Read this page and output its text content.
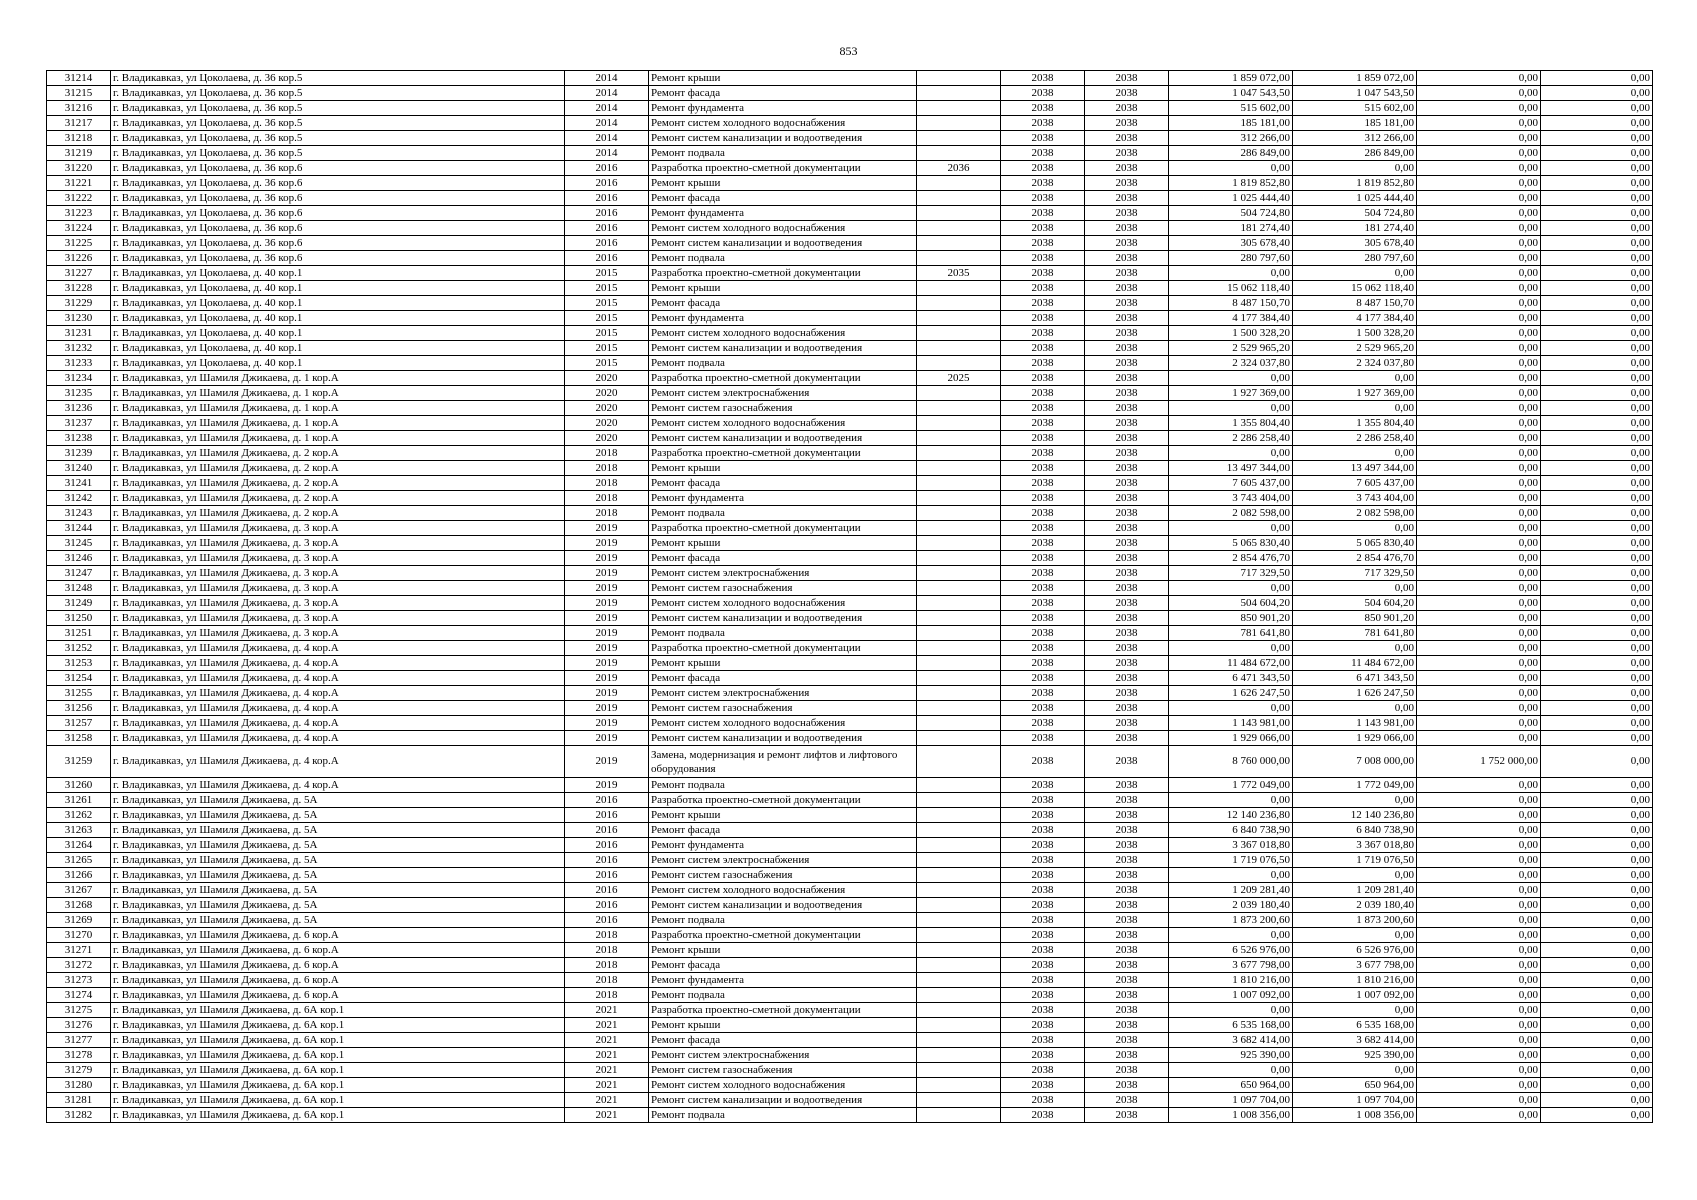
853
31214	г. Владикавказ, ул Цоколаева, д. 36 кор.5	2014	Ремонт крыши		2038	2038	1 859 072,00	1 859 072,00	0,00	0,00
31215	г. Владикавказ, ул Цоколаева, д. 36 кор.5	2014	Ремонт фасада		2038	2038	1 047 543,50	1 047 543,50	0,00	0,00
31216	г. Владикавказ, ул Цоколаева, д. 36 кор.5	2014	Ремонт фундамента		2038	2038	515 602,00	515 602,00	0,00	0,00
31217	г. Владикавказ, ул Цоколаева, д. 36 кор.5	2014	Ремонт систем холодного водоснабжения		2038	2038	185 181,00	185 181,00	0,00	0,00
31218	г. Владикавказ, ул Цоколаева, д. 36 кор.5	2014	Ремонт систем канализации и водоотведения		2038	2038	312 266,00	312 266,00	0,00	0,00
31219	г. Владикавказ, ул Цоколаева, д. 36 кор.5	2014	Ремонт подвала		2038	2038	286 849,00	286 849,00	0,00	0,00
31220	г. Владикавказ, ул Цоколаева, д. 36 кор.6	2016	Разработка проектно-сметной документации	2036	2038	2038	0,00	0,00	0,00	0,00
31221	г. Владикавказ, ул Цоколаева, д. 36 кор.6	2016	Ремонт крыши		2038	2038	1 819 852,80	1 819 852,80	0,00	0,00
31222	г. Владикавказ, ул Цоколаева, д. 36 кор.6	2016	Ремонт фасада		2038	2038	1 025 444,40	1 025 444,40	0,00	0,00
31223	г. Владикавказ, ул Цоколаева, д. 36 кор.6	2016	Ремонт фундамента		2038	2038	504 724,80	504 724,80	0,00	0,00
31224	г. Владикавказ, ул Цоколаева, д. 36 кор.6	2016	Ремонт систем холодного водоснабжения		2038	2038	181 274,40	181 274,40	0,00	0,00
31225	г. Владикавказ, ул Цоколаева, д. 36 кор.6	2016	Ремонт систем канализации и водоотведения		2038	2038	305 678,40	305 678,40	0,00	0,00
31226	г. Владикавказ, ул Цоколаева, д. 36 кор.6	2016	Ремонт подвала		2038	2038	280 797,60	280 797,60	0,00	0,00
31227	г. Владикавказ, ул Цоколаева, д. 40 кор.1	2015	Разработка проектно-сметной документации	2035	2038	2038	0,00	0,00	0,00	0,00
31228	г. Владикавказ, ул Цоколаева, д. 40 кор.1	2015	Ремонт крыши		2038	2038	15 062 118,40	15 062 118,40	0,00	0,00
31229	г. Владикавказ, ул Цоколаева, д. 40 кор.1	2015	Ремонт фасада		2038	2038	8 487 150,70	8 487 150,70	0,00	0,00
31230	г. Владикавказ, ул Цоколаева, д. 40 кор.1	2015	Ремонт фундамента		2038	2038	4 177 384,40	4 177 384,40	0,00	0,00
31231	г. Владикавказ, ул Цоколаева, д. 40 кор.1	2015	Ремонт систем холодного водоснабжения		2038	2038	1 500 328,20	1 500 328,20	0,00	0,00
31232	г. Владикавказ, ул Цоколаева, д. 40 кор.1	2015	Ремонт систем канализации и водоотведения		2038	2038	2 529 965,20	2 529 965,20	0,00	0,00
31233	г. Владикавказ, ул Цоколаева, д. 40 кор.1	2015	Ремонт подвала		2038	2038	2 324 037,80	2 324 037,80	0,00	0,00
31234	г. Владикавказ, ул Шамиля Джикаева, д. 1 кор.А	2020	Разработка проектно-сметной документации	2025	2038	2038	0,00	0,00	0,00	0,00
31235	г. Владикавказ, ул Шамиля Джикаева, д. 1 кор.А	2020	Ремонт систем электроснабжения		2038	2038	1 927 369,00	1 927 369,00	0,00	0,00
31236	г. Владикавказ, ул Шамиля Джикаева, д. 1 кор.А	2020	Ремонт систем газоснабжения		2038	2038	0,00	0,00	0,00	0,00
31237	г. Владикавказ, ул Шамиля Джикаева, д. 1 кор.А	2020	Ремонт систем холодного водоснабжения		2038	2038	1 355 804,40	1 355 804,40	0,00	0,00
31238	г. Владикавказ, ул Шамиля Джикаева, д. 1 кор.А	2020	Ремонт систем канализации и водоотведения		2038	2038	2 286 258,40	2 286 258,40	0,00	0,00
31239	г. Владикавказ, ул Шамиля Джикаева, д. 2 кор.А	2018	Разработка проектно-сметной документации		2038	2038	0,00	0,00	0,00	0,00
31240	г. Владикавказ, ул Шамиля Джикаева, д. 2 кор.А	2018	Ремонт крыши		2038	2038	13 497 344,00	13 497 344,00	0,00	0,00
31241	г. Владикавказ, ул Шамиля Джикаева, д. 2 кор.А	2018	Ремонт фасада		2038	2038	7 605 437,00	7 605 437,00	0,00	0,00
31242	г. Владикавказ, ул Шамиля Джикаева, д. 2 кор.А	2018	Ремонт фундамента		2038	2038	3 743 404,00	3 743 404,00	0,00	0,00
31243	г. Владикавказ, ул Шамиля Джикаева, д. 2 кор.А	2018	Ремонт подвала		2038	2038	2 082 598,00	2 082 598,00	0,00	0,00
31244	г. Владикавказ, ул Шамиля Джикаева, д. 3 кор.А	2019	Разработка проектно-сметной документации		2038	2038	0,00	0,00	0,00	0,00
31245	г. Владикавказ, ул Шамиля Джикаева, д. 3 кор.А	2019	Ремонт крыши		2038	2038	5 065 830,40	5 065 830,40	0,00	0,00
31246	г. Владикавказ, ул Шамиля Джикаева, д. 3 кор.А	2019	Ремонт фасада		2038	2038	2 854 476,70	2 854 476,70	0,00	0,00
31247	г. Владикавказ, ул Шамиля Джикаева, д. 3 кор.А	2019	Ремонт систем электроснабжения		2038	2038	717 329,50	717 329,50	0,00	0,00
31248	г. Владикавказ, ул Шамиля Джикаева, д. 3 кор.А	2019	Ремонт систем газоснабжения		2038	2038	0,00	0,00	0,00	0,00
31249	г. Владикавказ, ул Шамиля Джикаева, д. 3 кор.А	2019	Ремонт систем холодного водоснабжения		2038	2038	504 604,20	504 604,20	0,00	0,00
31250	г. Владикавказ, ул Шамиля Джикаева, д. 3 кор.А	2019	Ремонт систем канализации и водоотведения		2038	2038	850 901,20	850 901,20	0,00	0,00
31251	г. Владикавказ, ул Шамиля Джикаева, д. 3 кор.А	2019	Ремонт подвала		2038	2038	781 641,80	781 641,80	0,00	0,00
31252	г. Владикавказ, ул Шамиля Джикаева, д. 4 кор.А	2019	Разработка проектно-сметной документации		2038	2038	0,00	0,00	0,00	0,00
31253	г. Владикавказ, ул Шамиля Джикаева, д. 4 кор.А	2019	Ремонт крыши		2038	2038	11 484 672,00	11 484 672,00	0,00	0,00
31254	г. Владикавказ, ул Шамиля Джикаева, д. 4 кор.А	2019	Ремонт фасада		2038	2038	6 471 343,50	6 471 343,50	0,00	0,00
31255	г. Владикавказ, ул Шамиля Джикаева, д. 4 кор.А	2019	Ремонт систем электроснабжения		2038	2038	1 626 247,50	1 626 247,50	0,00	0,00
31256	г. Владикавказ, ул Шамиля Джикаева, д. 4 кор.А	2019	Ремонт систем газоснабжения		2038	2038	0,00	0,00	0,00	0,00
31257	г. Владикавказ, ул Шамиля Джикаева, д. 4 кор.А	2019	Ремонт систем холодного водоснабжения		2038	2038	1 143 981,00	1 143 981,00	0,00	0,00
31258	г. Владикавказ, ул Шамиля Джикаева, д. 4 кор.А	2019	Ремонт систем канализации и водоотведения		2038	2038	1 929 066,00	1 929 066,00	0,00	0,00
31259	г. Владикавказ, ул Шамиля Джикаева, д. 4 кор.А	2019	Замена, модернизация и ремонт лифтов и лифтового оборудования		2038	2038	8 760 000,00	7 008 000,00	1 752 000,00	0,00
31260	г. Владикавказ, ул Шамиля Джикаева, д. 4 кор.А	2019	Ремонт подвала		2038	2038	1 772 049,00	1 772 049,00	0,00	0,00
31261	г. Владикавказ, ул Шамиля Джикаева, д. 5А	2016	Разработка проектно-сметной документации		2038	2038	0,00	0,00	0,00	0,00
31262	г. Владикавказ, ул Шамиля Джикаева, д. 5А	2016	Ремонт крыши		2038	2038	12 140 236,80	12 140 236,80	0,00	0,00
31263	г. Владикавказ, ул Шамиля Джикаева, д. 5А	2016	Ремонт фасада		2038	2038	6 840 738,90	6 840 738,90	0,00	0,00
31264	г. Владикавказ, ул Шамиля Джикаева, д. 5А	2016	Ремонт фундамента		2038	2038	3 367 018,80	3 367 018,80	0,00	0,00
31265	г. Владикавказ, ул Шамиля Джикаева, д. 5А	2016	Ремонт систем электроснабжения		2038	2038	1 719 076,50	1 719 076,50	0,00	0,00
31266	г. Владикавказ, ул Шамиля Джикаева, д. 5А	2016	Ремонт систем газоснабжения		2038	2038	0,00	0,00	0,00	0,00
31267	г. Владикавказ, ул Шамиля Джикаева, д. 5А	2016	Ремонт систем холодного водоснабжения		2038	2038	1 209 281,40	1 209 281,40	0,00	0,00
31268	г. Владикавказ, ул Шамиля Джикаева, д. 5А	2016	Ремонт систем канализации и водоотведения		2038	2038	2 039 180,40	2 039 180,40	0,00	0,00
31269	г. Владикавказ, ул Шамиля Джикаева, д. 5А	2016	Ремонт подвала		2038	2038	1 873 200,60	1 873 200,60	0,00	0,00
31270	г. Владикавказ, ул Шамиля Джикаева, д. 6 кор.А	2018	Разработка проектно-сметной документации		2038	2038	0,00	0,00	0,00	0,00
31271	г. Владикавказ, ул Шамиля Джикаева, д. 6 кор.А	2018	Ремонт крыши		2038	2038	6 526 976,00	6 526 976,00	0,00	0,00
31272	г. Владикавказ, ул Шамиля Джикаева, д. 6 кор.А	2018	Ремонт фасада		2038	2038	3 677 798,00	3 677 798,00	0,00	0,00
31273	г. Владикавказ, ул Шамиля Джикаева, д. 6 кор.А	2018	Ремонт фундамента		2038	2038	1 810 216,00	1 810 216,00	0,00	0,00
31274	г. Владикавказ, ул Шамиля Джикаева, д. 6 кор.А	2018	Ремонт подвала		2038	2038	1 007 092,00	1 007 092,00	0,00	0,00
31275	г. Владикавказ, ул Шамиля Джикаева, д. 6А кор.1	2021	Разработка проектно-сметной документации		2038	2038	0,00	0,00	0,00	0,00
31276	г. Владикавказ, ул Шамиля Джикаева, д. 6А кор.1	2021	Ремонт крыши		2038	2038	6 535 168,00	6 535 168,00	0,00	0,00
31277	г. Владикавказ, ул Шамиля Джикаева, д. 6А кор.1	2021	Ремонт фасада		2038	2038	3 682 414,00	3 682 414,00	0,00	0,00
31278	г. Владикавказ, ул Шамиля Джикаева, д. 6А кор.1	2021	Ремонт систем электроснабжения		2038	2038	925 390,00	925 390,00	0,00	0,00
31279	г. Владикавказ, ул Шамиля Джикаева, д. 6А кор.1	2021	Ремонт систем газоснабжения		2038	2038	0,00	0,00	0,00	0,00
31280	г. Владикавказ, ул Шамиля Джикаева, д. 6А кор.1	2021	Ремонт систем холодного водоснабжения		2038	2038	650 964,00	650 964,00	0,00	0,00
31281	г. Владикавказ, ул Шамиля Джикаева, д. 6А кор.1	2021	Ремонт систем канализации и водоотведения		2038	2038	1 097 704,00	1 097 704,00	0,00	0,00
31282	г. Владикавказ, ул Шамиля Джикаева, д. 6А кор.1	2021	Ремонт подвала		2038	2038	1 008 356,00	1 008 356,00	0,00	0,00
